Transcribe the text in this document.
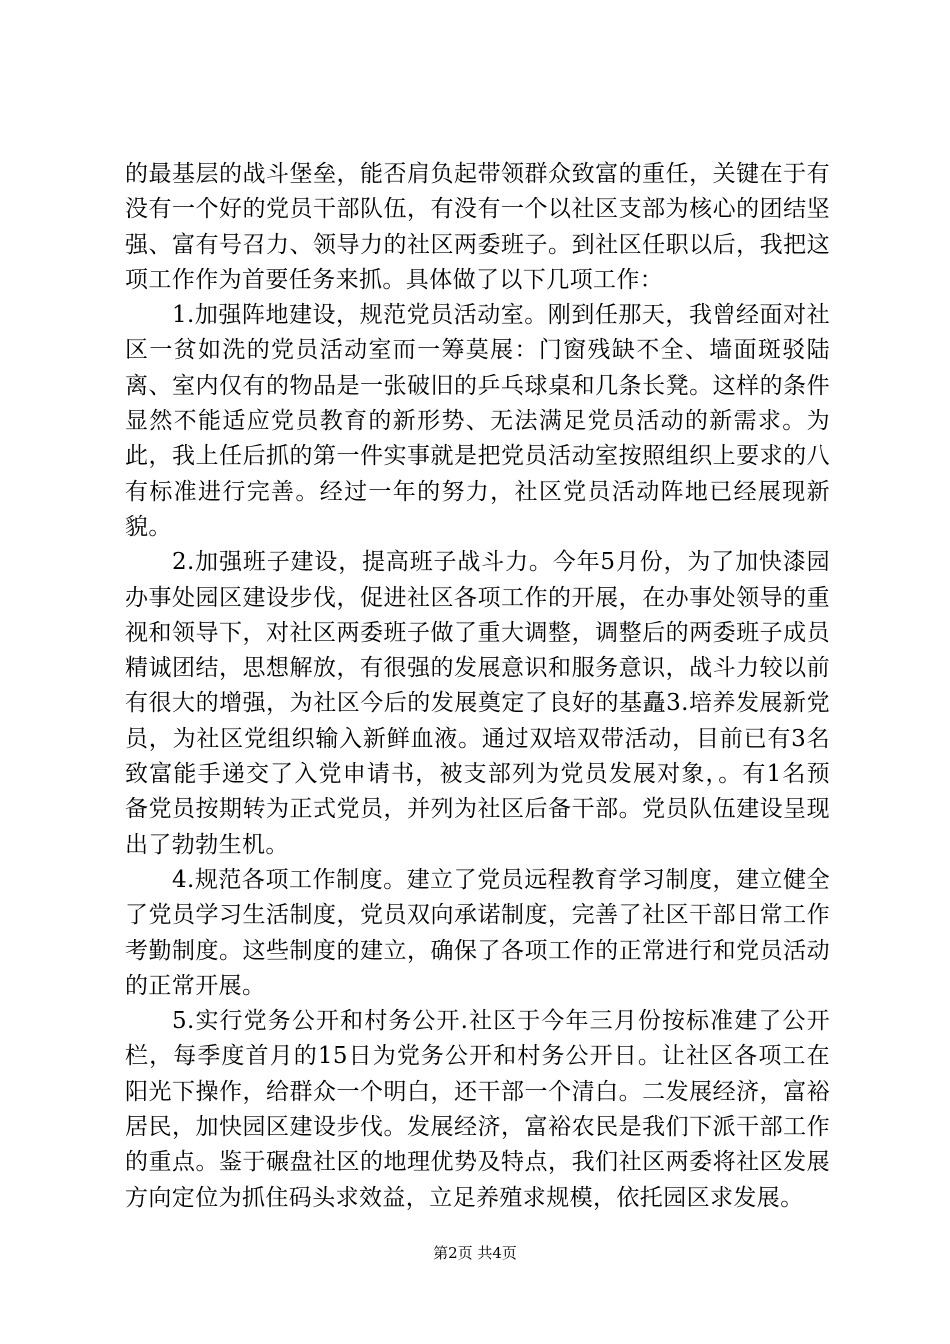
的最基层的战斗堡垒，能否肩负起带领群众致富的重任，关键在于有没有一个好的党员干部队伍，有没有一个以社区支部为核心的团结坚强、富有号召力、领导力的社区两委班子。到社区任职以后，我把这项工作作为首要任务来抓。具体做了以下几项工作：

1.加强阵地建设，规范党员活动室。刚到任那天，我曾经面对社区一贫如洗的党员活动室而一筹莫展：门窗残缺不全、墙面斑驳陆离、室内仅有的物品是一张破旧的乒乓球桌和几条长凳。这样的条件显然不能适应党员教育的新形势、无法满足党员活动的新需求。为此，我上任后抓的第一件实事就是把党员活动室按照组织上要求的八有标准进行完善。经过一年的努力，社区党员活动阵地已经展现新貌。

2.加强班子建设，提高班子战斗力。今年5月份，为了加快漆园办事处园区建设步伐，促进社区各项工作的开展，在办事处领导的重视和领导下，对社区两委班子做了重大调整，调整后的两委班子成员精诚团结，思想解放，有很强的发展意识和服务意识，战斗力较以前有很大的增强，为社区今后的发展奠定了良好的基矗3.培养发展新党员，为社区党组织输入新鲜血液。通过双培双带活动，目前已有3名致富能手递交了入党申请书，被支部列为党员发展对象，。有1名预备党员按期转为正式党员，并列为社区后备干部。党员队伍建设呈现出了勃勃生机。

4.规范各项工作制度。建立了党员远程教育学习制度，建立健全了党员学习生活制度，党员双向承诺制度，完善了社区干部日常工作考勤制度。这些制度的建立，确保了各项工作的正常进行和党员活动的正常开展。

5.实行党务公开和村务公开.社区于今年三月份按标准建了公开栏，每季度首月的15日为党务公开和村务公开日。让社区各项工在阳光下操作，给群众一个明白，还干部一个清白。二发展经济，富裕居民，加快园区建设步伐。发展经济，富裕农民是我们下派干部工作的重点。鉴于碾盘社区的地理优势及特点，我们社区两委将社区发展方向定位为抓住码头求效益，立足养殖求规模，依托园区求发展。

第2页 共4页
